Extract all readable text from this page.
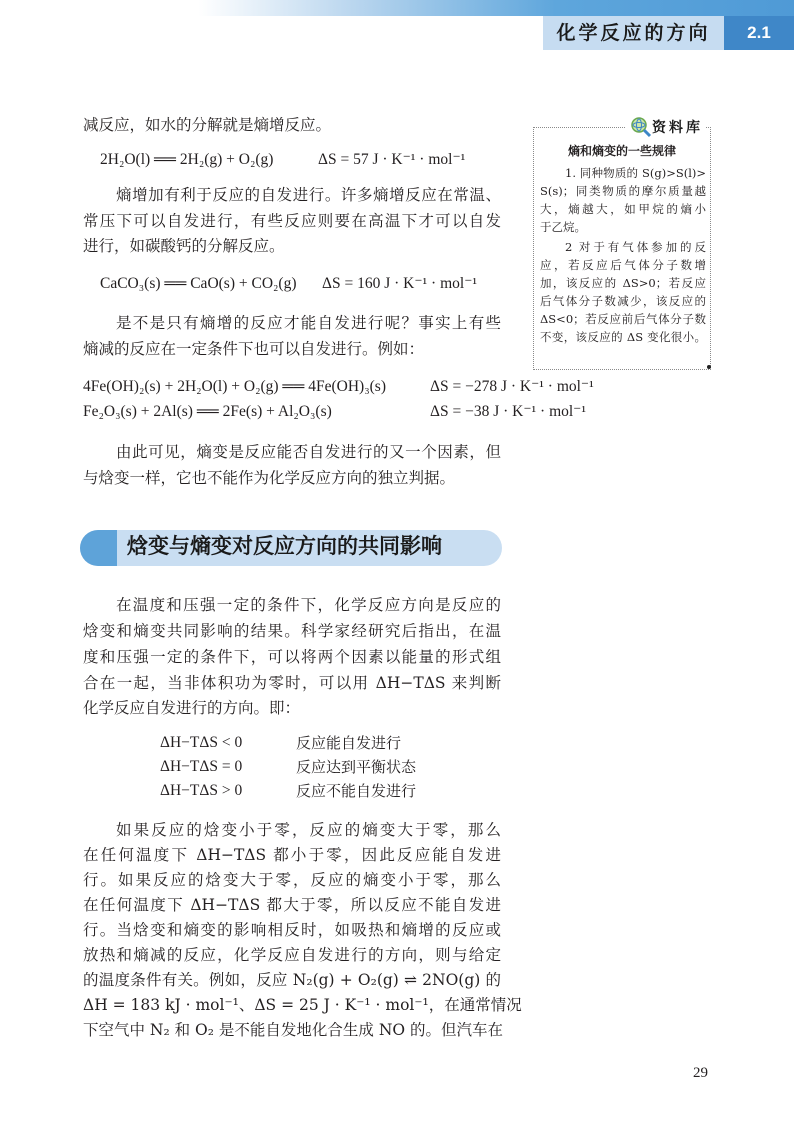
化学反应的方向	2.1
减反应，如水的分解就是熵增反应。
2H₂O(l) ══ 2H₂(g) + O₂(g)	ΔS = 57 J · K⁻¹ · mol⁻¹
熵增加有利于反应的自发进行。许多熵增反应在常温、
常压下可以自发进行，有些反应则要在高温下才可以自发
进行，如碳酸钙的分解反应。
CaCO₃(s) ══ CaO(s) + CO₂(g) ΔS = 160 J · K⁻¹ · mol⁻¹
是不是只有熵增的反应才能自发进行呢？事实上有些
熵减的反应在一定条件下也可以自发进行。例如：
4Fe(OH)₂(s) + 2H₂O(l) + O₂(g) ══ 4Fe(OH)₃(s)	ΔS = −278 J · K⁻¹ · mol⁻¹
Fe₂O₃(s) + 2Al(s) ══ 2Fe(s) + Al₂O₃(s)	ΔS = −38 J · K⁻¹ · mol⁻¹
由此可见，熵变是反应能否自发进行的又一个因素，但
与焓变一样，它也不能作为化学反应方向的独立判据。
焓变与熵变对反应方向的共同影响
在温度和压强一定的条件下，化学反应方向是反应的
焓变和熵变共同影响的结果。科学家经研究后指出，在温
度和压强一定的条件下，可以将两个因素以能量的形式组
合在一起，当非体积功为零时，可以用 ΔH−TΔS 来判断
化学反应自发进行的方向。即：
ΔH−TΔS < 0	反应能自发进行
ΔH−TΔS = 0	反应达到平衡状态
ΔH−TΔS > 0	反应不能自发进行
如果反应的焓变小于零，反应的熵变大于零，那么
在任何温度下 ΔH−TΔS 都小于零，因此反应能自发进
行。如果反应的焓变大于零，反应的熵变小于零，那么
在任何温度下 ΔH−TΔS 都大于零，所以反应不能自发进
行。当焓变和熵变的影响相反时，如吸热和熵增的反应或
放热和熵减的反应，化学反应自发进行的方向，则与给定
的温度条件有关。例如，反应 N₂(g) + O₂(g) ⇌ 2NO(g) 的
ΔH = 183 kJ · mol⁻¹、ΔS = 25 J · K⁻¹ · mol⁻¹，在通常情况
下空气中 N₂ 和 O₂ 是不能自发地化合生成 NO 的。但汽车在
资料库
熵和熵变的一些规律
1. 同种物质的 S(g)>S(l)>
S(s)；同类物质的摩尔质量越
大，熵越大，如甲烷的熵小
于乙烷。
2 对于有气体参加的反
应，若反应后气体分子数增
加，该反应的 ΔS>0；若反应
后气体分子数减少，该反应的
ΔS<0；若反应前后气体分子数
不变，该反应的 ΔS 变化很小。
29
